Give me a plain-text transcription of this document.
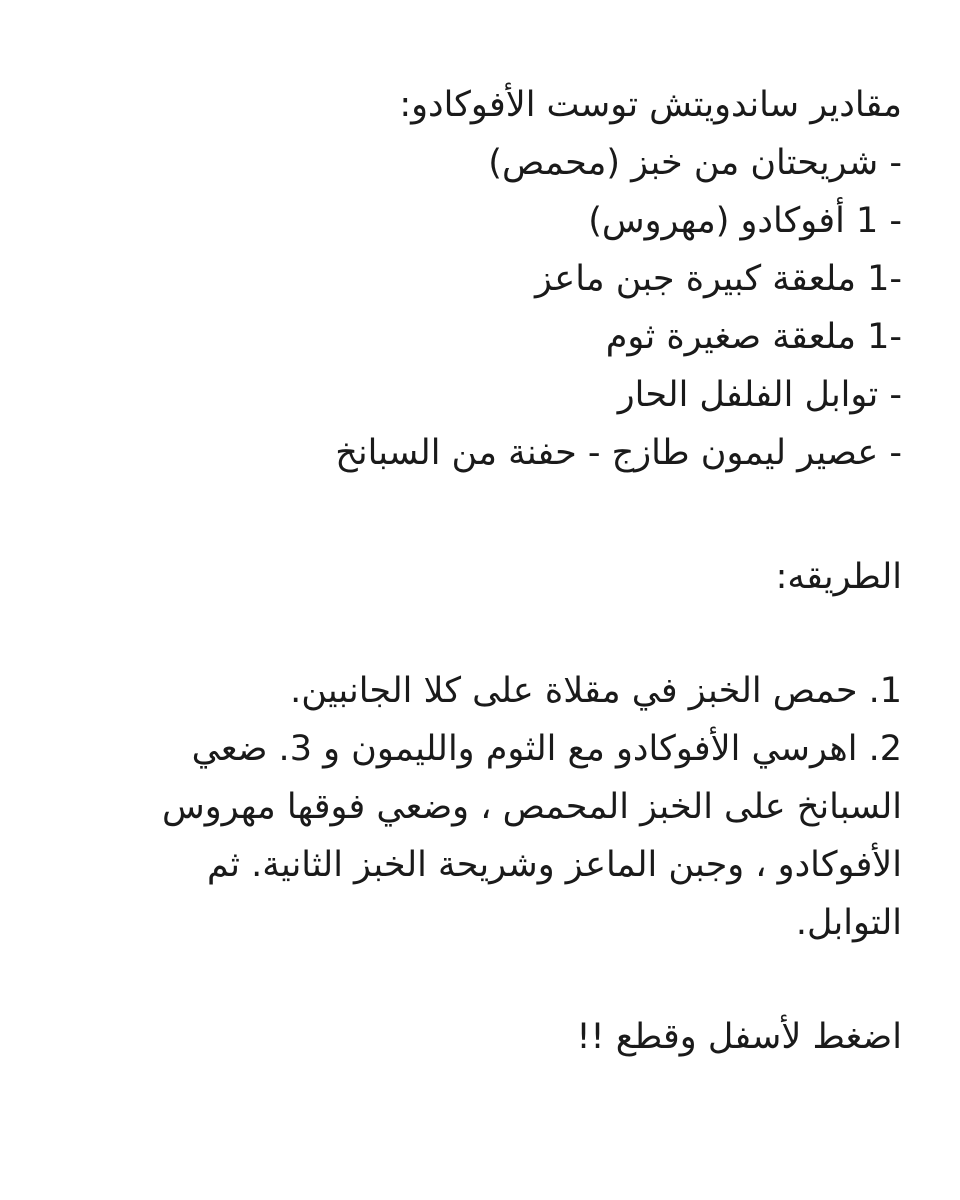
مقادير ساندويتش توست الأفوكادو:
- شريحتان من خبز (محمص)
- 1 أفوكادو (مهروس)
-1 ملعقة كبيرة جبن ماعز
-1 ملعقة صغيرة ثوم
- توابل الفلفل الحار
- عصير ليمون طازج - حفنة من السبانخ
الطريقه:
1. حمص الخبز في مقلاة على كلا الجانبين.
2. اهرسي الأفوكادو مع الثوم والليمون و 3. ضعي السبانخ على الخبز المحمص ، وضعي فوقها مهروس الأفوكادو ، وجبن الماعز وشريحة الخبز الثانية. ثم التوابل.
اضغط لأسفل وقطع !!
